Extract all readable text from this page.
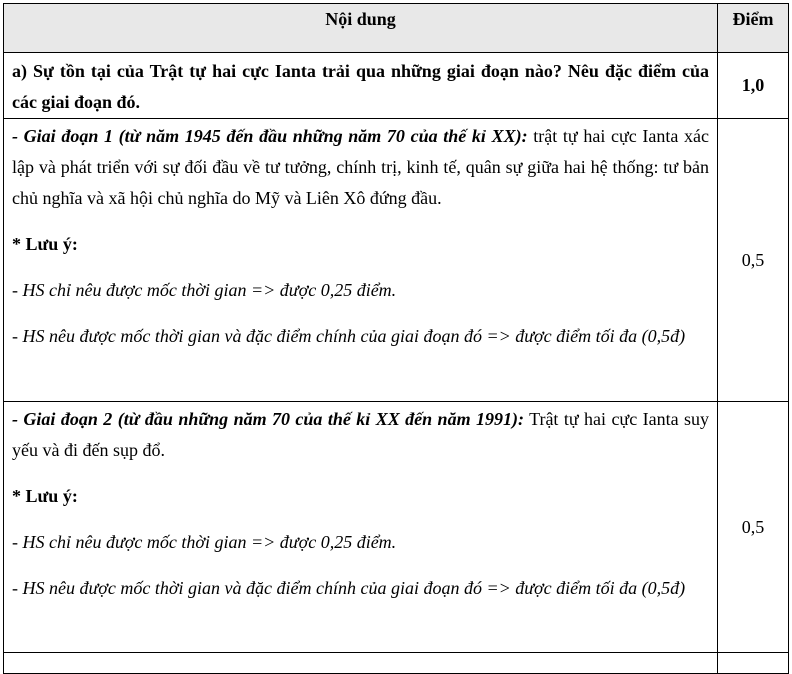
Nội dung	Điểm

a) Sự tồn tại của Trật tự hai cực Ianta trải qua những giai đoạn nào? Nêu đặc điểm của các giai đoạn đó.	1,0

- Giai đoạn 1 (từ năm 1945 đến đầu những năm 70 của thế kỉ XX): trật tự hai cực Ianta xác lập và phát triển với sự đối đầu về tư tưởng, chính trị, kinh tế, quân sự giữa hai hệ thống: tư bản chủ nghĩa và xã hội chủ nghĩa do Mỹ và Liên Xô đứng đầu.

* Lưu ý:

- HS chỉ nêu được mốc thời gian => được 0,25 điểm.

- HS nêu được mốc thời gian và đặc điểm chính của giai đoạn đó => được điểm tối đa (0,5đ)	0,5

- Giai đoạn 2 (từ đầu những năm 70 của thế kỉ XX đến năm 1991): Trật tự hai cực Ianta suy yếu và đi đến sụp đổ.

* Lưu ý:

- HS chỉ nêu được mốc thời gian => được 0,25 điểm.

- HS nêu được mốc thời gian và đặc điểm chính của giai đoạn đó => được điểm tối đa (0,5đ)	0,5
